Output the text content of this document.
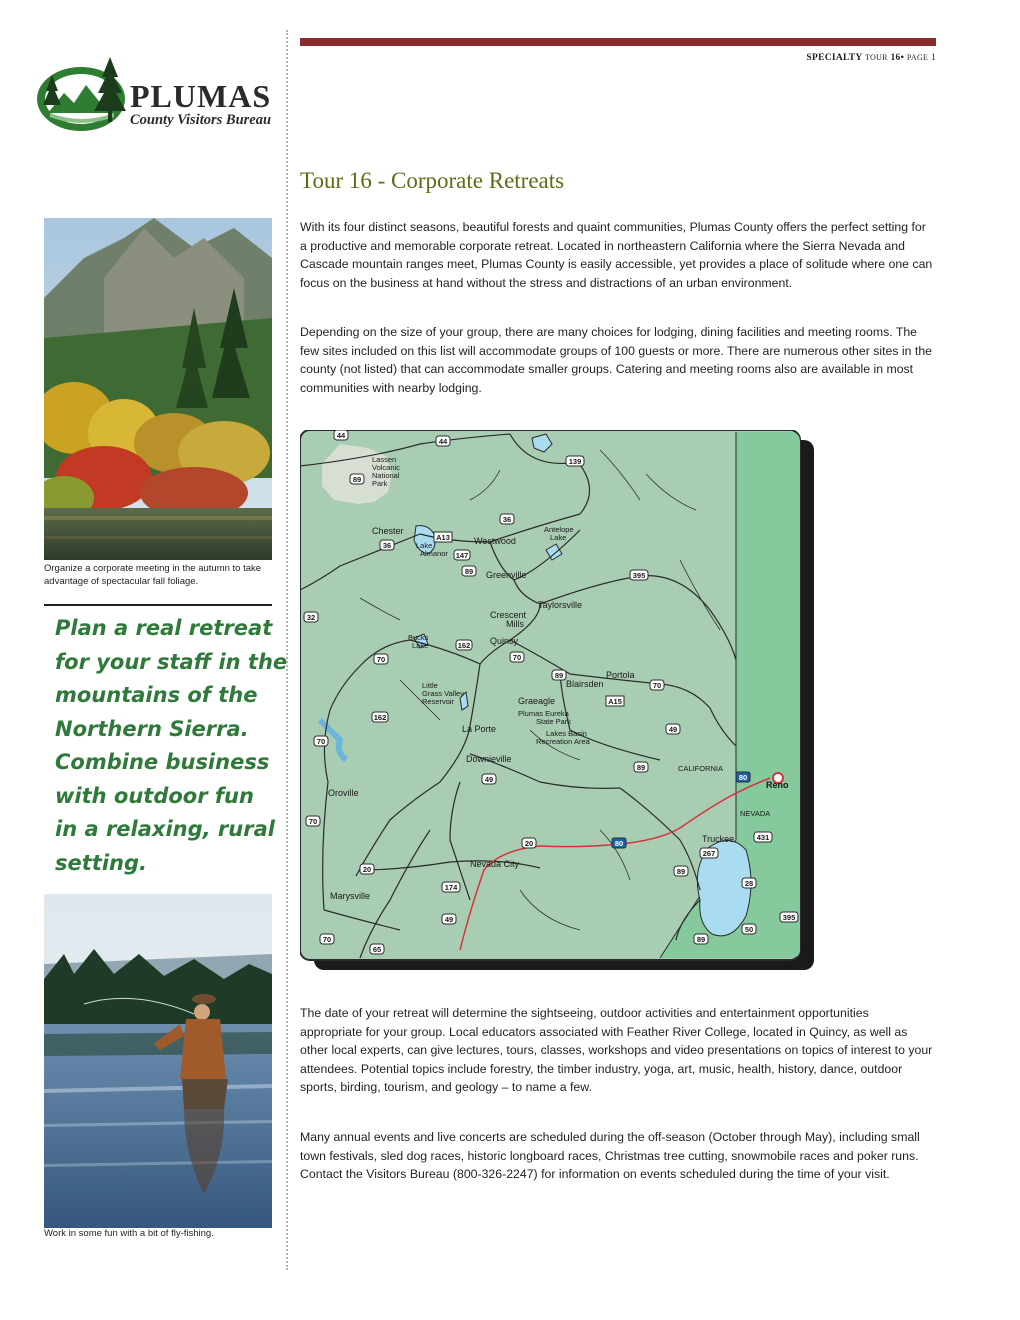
SPECIALTY TOUR 16• PAGE 1
PLUMAS
County Visitors Bureau
Tour 16 - Corporate Retreats

With its four distinct seasons, beautiful forests and quaint communities, Plumas County offers the perfect setting for a productive and memorable corporate retreat. Located in northeastern California where the Sierra Nevada and Cascade mountain ranges meet, Plumas County is easily accessible, yet provides a place of solitude where one can focus on the business at hand without the stress and distractions of an urban environment.

Depending on the size of your group, there are many choices for lodging, dining facilities and meeting rooms. The few sites included on this list will accommodate groups of 100 guests or more. There are numerous other sites in the county (not listed) that can accommodate smaller groups. Catering and meeting rooms also are available in most communities with nearby lodging.

The date of your retreat will determine the sightseeing, outdoor activities and entertainment opportunities appropriate for your group. Local educators associated with Feather River College, located in Quincy, as well as other local experts, can give lectures, tours, classes, workshops and video presentations on topics of interest to your attendees. Potential topics include forestry, the timber industry, yoga, art, music, health, history, dance, outdoor sports, birding, tourism, and geology – to name a few.

Many annual events and live concerts are scheduled during the off-season (October through May), including small town festivals, sled dog races, historic longboard races, Christmas tree cutting, snowmobile races and poker runs. Contact the Visitors Bureau (800-326-2247) for information on events scheduled during the time of your visit.

Organize a corporate meeting in the autumn to take advantage of spectacular fall foliage.
Plan a real retreat
for your staff in the
mountains of the
Northern Sierra.
Combine business
with outdoor fun
in a relaxing, rural
setting.
Work in some fun with a bit of fly-fishing.
Lassen
Volcanic
National
Park
Chester
Lake
Almanor
Westwood
Antelope
Lake
Greenville
Taylorsville
Crescent
Mills
Bucks
Lake	Quincy
Portola
Blairsden
Little
Grass Valley
Reservoir	Graeagle
Plumas Eureka
State Park
La Porte	Lakes Basin
Recreation Area
Downieville
CALIFORNIA
Reno
Oroville
NEVADA
Truckee
Nevada City
Marysville
44
44
139
89
36
36
A13
147
89	395
32
162
70	70
89
70
A15
162
49
70
89
49	80
70
431
20	80
267
20	89
174	28
49	395
50
70	89
65
